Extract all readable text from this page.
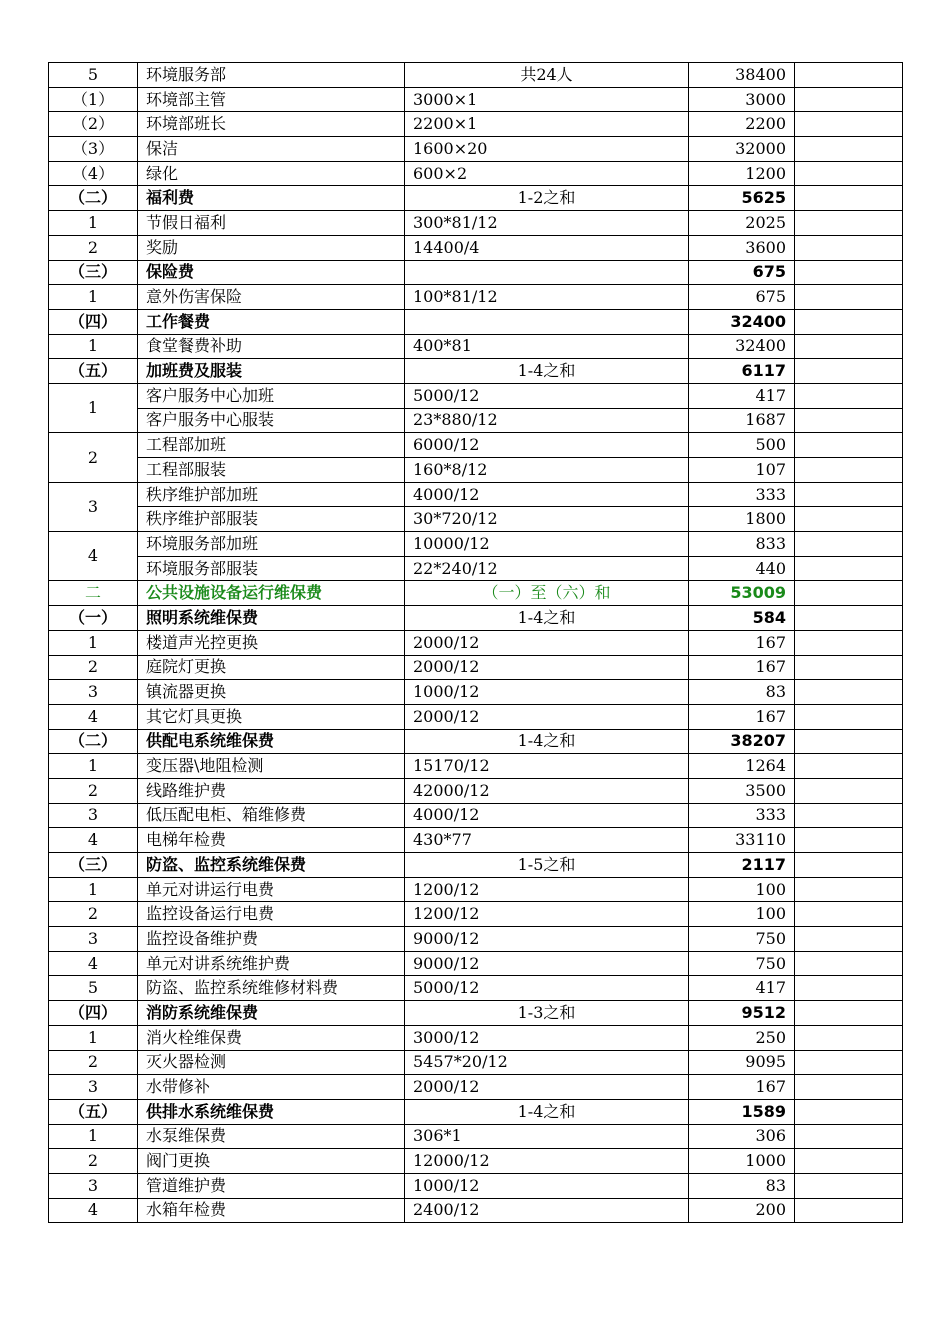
5	环境服务部	共24人	38400	
（1）	环境部主管	3000×1	3000	
（2）	环境部班长	2200×1	2200	
（3）	保洁	1600×20	32000	
（4）	绿化	600×2	1200	
（二）	福利费	1-2之和	5625	
1	节假日福利	300*81/12	2025	
2	奖励	14400/4	3600	
（三）	保险费		675	
1	意外伤害保险	100*81/12	675	
（四）	工作餐费		32400	
1	食堂餐费补助	400*81	32400	
（五）	加班费及服装	1-4之和	6117	
1	客户服务中心加班	5000/12	417	
	客户服务中心服装	23*880/12	1687	
2	工程部加班	6000/12	500	
	工程部服装	160*8/12	107	
3	秩序维护部加班	4000/12	333	
	秩序维护部服装	30*720/12	1800	
4	环境服务部加班	10000/12	833	
	环境服务部服装	22*240/12	440	
二	公共设施设备运行维保费	（一）至（六）和	53009	
（一）	照明系统维保费	1-4之和	584	
1	楼道声光控更换	2000/12	167	
2	庭院灯更换	2000/12	167	
3	镇流器更换	1000/12	83	
4	其它灯具更换	2000/12	167	
（二）	供配电系统维保费	1-4之和	38207	
1	变压器\地阻检测	15170/12	1264	
2	线路维护费	42000/12	3500	
3	低压配电柜、箱维修费	4000/12	333	
4	电梯年检费	430*77	33110	
（三）	防盗、监控系统维保费	1-5之和	2117	
1	单元对讲运行电费	1200/12	100	
2	监控设备运行电费	1200/12	100	
3	监控设备维护费	9000/12	750	
4	单元对讲系统维护费	9000/12	750	
5	防盗、监控系统维修材料费	5000/12	417	
（四）	消防系统维保费	1-3之和	9512	
1	消火栓维保费	3000/12	250	
2	灭火器检测	5457*20/12	9095	
3	水带修补	2000/12	167	
（五）	供排水系统维保费	1-4之和	1589	
1	水泵维保费	306*1	306	
2	阀门更换	12000/12	1000	
3	管道维护费	1000/12	83	
4	水箱年检费	2400/12	200	
